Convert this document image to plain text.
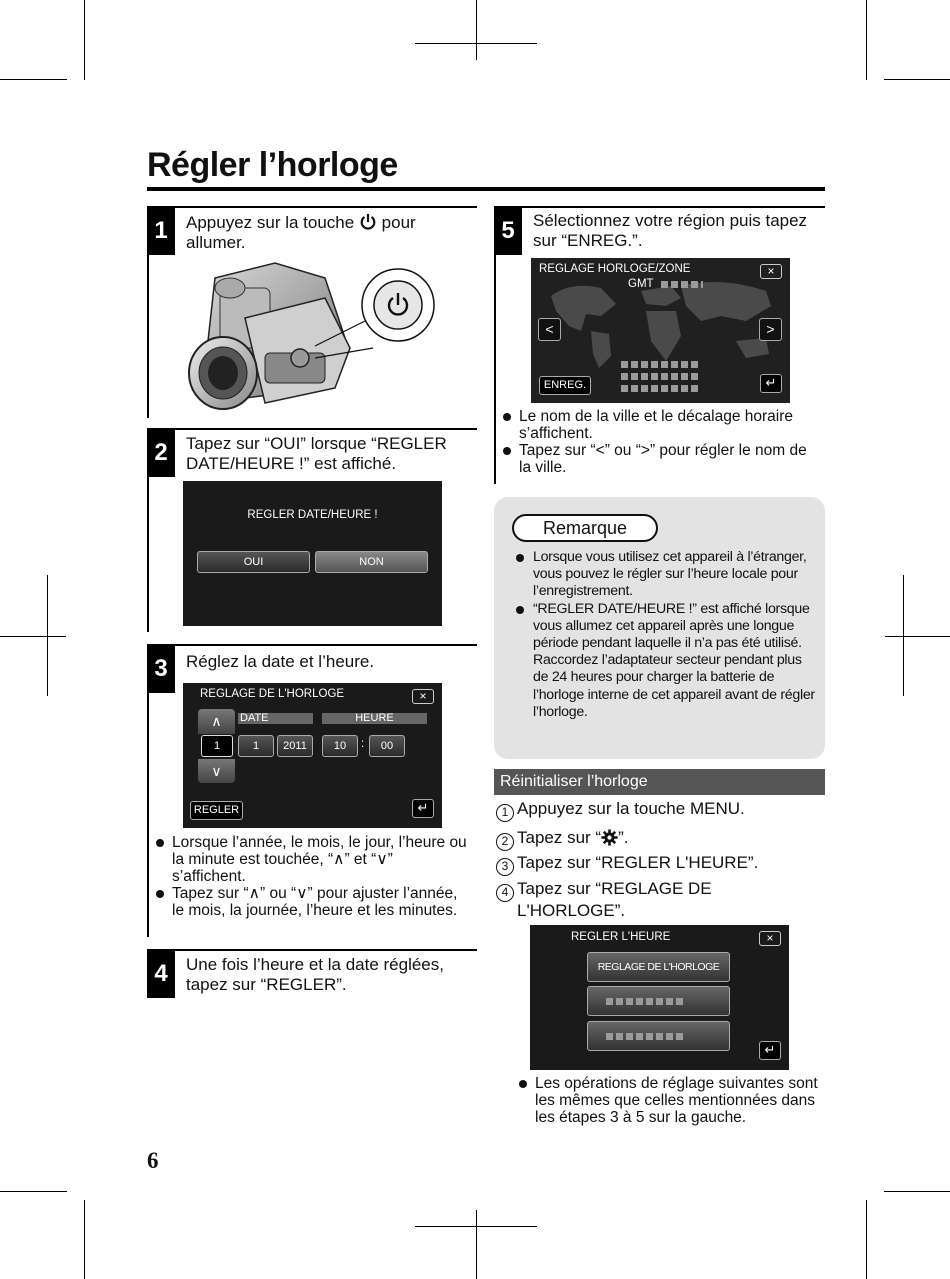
Régler l’horloge
1	Appuyez sur la touche  pour
allumer.
2	Tapez sur “OUI” lorsque “REGLER
DATE/HEURE !” est affiché.
REGLER DATE/HEURE !
OUI	NON
3	Réglez la date et l’heure.
REGLAGE DE L'HORLOGE	×
∧
∨
DATE	HEURE
1	1	2011	10	:	00
REGLER	↵
Lorsque l’année, le mois, le jour, l’heure ou la minute est touchée, “∧” et “∨” s’affichent.
Tapez sur “∧” ou “∨” pour ajuster l’année, le mois, la journée, l’heure et les minutes.
4	Une fois l’heure et la date réglées,
tapez sur “REGLER”.
5	Sélectionnez votre région puis tapez
sur “ENREG.”.
REGLAGE HORLOGE/ZONE	×
GMT
<	>
ENREG.	↵
Le nom de la ville et le décalage horaire s’affichent.
Tapez sur “<” ou “>” pour régler le nom de la ville.
Remarque
Lorsque vous utilisez cet appareil à l’étranger, vous pouvez le régler sur l’heure locale pour l’enregistrement.
“REGLER DATE/HEURE !” est affiché lorsque vous allumez cet appareil après une longue période pendant laquelle il n’a pas été utilisé. Raccordez l’adaptateur secteur pendant plus de 24 heures pour charger la batterie de l’horloge interne de cet appareil avant de régler l’horloge.
Réinitialiser l’horloge
1 Appuyez sur la touche MENU.
2 Tapez sur “ ”.
3 Tapez sur “REGLER L'HEURE”.
4 Tapez sur “REGLAGE DE
L'HORLOGE”.
REGLER L'HEURE	×
REGLAGE DE L'HORLOGE
↵
Les opérations de réglage suivantes sont les mêmes que celles mentionnées dans les étapes 3 à 5 sur la gauche.
6
